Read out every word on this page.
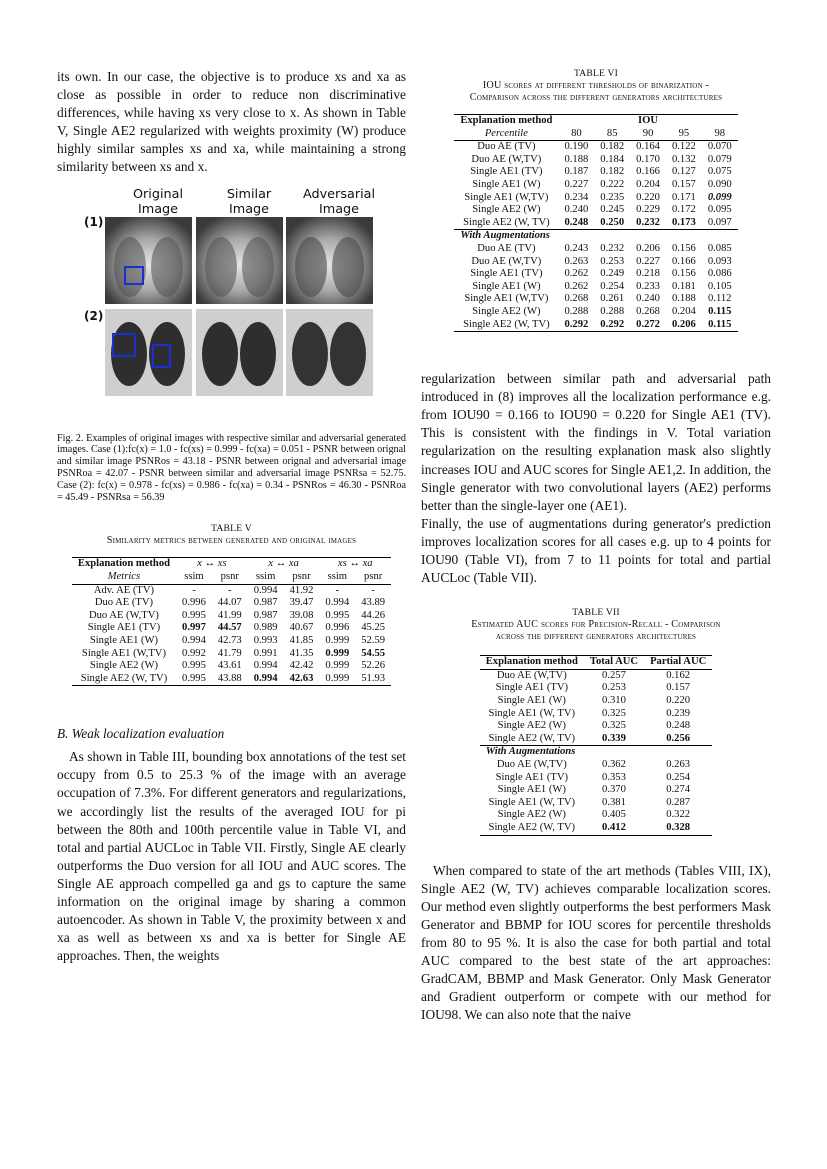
its own. In our case, the objective is to produce xs and xa as close as possible in order to reduce non discriminative differences, while having xs very close to x. As shown in Table V, Single AE2 regularized with weights proximity (W) produce highly similar samples xs and xa, while maintaining a strong similarity between xs and x.

Original Image
Similar Image
Adversarial Image
(1)
(2)
Fig. 2. Examples of original images with respective similar and adversarial generated images. Case (1):fc(x) = 1.0 - fc(xs) = 0.999 - fc(xa) = 0.051 - PSNR between orignal and similar image PSNRos = 43.18 - PSNR between orignal and adversarial image PSNRoa = 42.07 - PSNR between similar and adversarial image PSNRsa = 52.75. Case (2): fc(x) = 0.978 - fc(xs) = 0.986 - fc(xa) = 0.34 - PSNRos = 46.30 - PSNRoa = 45.49 - PSNRsa = 56.39
TABLE V
Similarity metrics between generated and original images
Explanation method	x ↔ xs		x ↔ xa		xs ↔ xa	
Metrics	ssim	psnr	ssim	psnr	ssim	psnr
Adv. AE (TV)	-	-	0.994	41.92	-	-
Duo AE (TV)	0.996	44.07	0.987	39.47	0.994	43.89
Duo AE (W,TV)	0.995	41.99	0.987	39.08	0.995	44.26
Single AE1 (TV)	0.997	44.57	0.989	40.67	0.996	45.25
Single AE1 (W)	0.994	42.73	0.993	41.85	0.999	52.59
Single AE1 (W,TV)	0.992	41.79	0.991	41.35	0.999	54.55
Single AE2 (W)	0.995	43.61	0.994	42.42	0.999	52.26
Single AE2 (W, TV)	0.995	43.88	0.994	42.63	0.999	51.93

B. Weak localization evaluation

As shown in Table III, bounding box annotations of the test set occupy from 0.5 to 25.3 % of the image with an average occupation of 7.3%. For different generators and regularizations, we accordingly list the results of the averaged IOU for pi between the 80th and 100th percentile value in Table VI, and total and partial AUCLoc in Table VII. Firstly, Single AE clearly outperforms the Duo version for all IOU and AUC scores. The Single AE approach compelled ga and gs to capture the same information on the original image by sharing a common autoencoder. As shown in Table V, the proximity between x and xa as well as between xs and xa is better for Single AE approaches. Then, the weights

TABLE VI
IOU scores at different thresholds of binarization -
Comparison across the different generators architectures
Explanation method	IOU				
Percentile	80	85	90	95	98
Duo AE (TV)	0.190	0.182	0.164	0.122	0.070
Duo AE (W,TV)	0.188	0.184	0.170	0.132	0.079
Single AE1 (TV)	0.187	0.182	0.166	0.127	0.075
Single AE1 (W)	0.227	0.222	0.204	0.157	0.090
Single AE1 (W,TV)	0.234	0.235	0.220	0.171	0.099
Single AE2 (W)	0.240	0.245	0.229	0.172	0.095
Single AE2 (W, TV)	0.248	0.250	0.232	0.173	0.097
With Augmentations					
Duo AE (TV)	0.243	0.232	0.206	0.156	0.085
Duo AE (W,TV)	0.263	0.253	0.227	0.166	0.093
Single AE1 (TV)	0.262	0.249	0.218	0.156	0.086
Single AE1 (W)	0.262	0.254	0.233	0.181	0.105
Single AE1 (W,TV)	0.268	0.261	0.240	0.188	0.112
Single AE2 (W)	0.288	0.288	0.268	0.204	0.115
Single AE2 (W, TV)	0.292	0.292	0.272	0.206	0.115

regularization between similar path and adversarial path introduced in (8) improves all the localization performance e.g. from IOU90 = 0.166 to IOU90 = 0.220 for Single AE1 (TV). This is consistent with the findings in V. Total variation regularization on the resulting explanation mask also slightly increases IOU and AUC scores for Single AE1,2. In addition, the Single generator with two convolutional layers (AE2) performs better than the single-layer one (AE1).

Finally, the use of augmentations during generator's prediction improves localization scores for all cases e.g. up to 4 points for IOU90 (Table VI), from 7 to 11 points for total and partial AUCLoc (Table VII).

TABLE VII
Estimated AUC scores for Precision-Recall - Comparison
across the different generators architectures
Explanation method	Total AUC	Partial AUC
Duo AE (W,TV)	0.257	0.162
Single AE1 (TV)	0.253	0.157
Single AE1 (W)	0.310	0.220
Single AE1 (W, TV)	0.325	0.239
Single AE2 (W)	0.325	0.248
Single AE2 (W, TV)	0.339	0.256
With Augmentations		
Duo AE (W,TV)	0.362	0.263
Single AE1 (TV)	0.353	0.254
Single AE1 (W)	0.370	0.274
Single AE1 (W, TV)	0.381	0.287
Single AE2 (W)	0.405	0.322
Single AE2 (W, TV)	0.412	0.328

When compared to state of the art methods (Tables VIII, IX), Single AE2 (W, TV) achieves comparable localization scores. Our method even slightly outperforms the best performers Mask Generator and BBMP for IOU scores for percentile thresholds from 80 to 95 %. It is also the case for both partial and total AUC compared to the best state of the art approaches: GradCAM, BBMP and Mask Generator. Only Mask Generator and Gradient outperform or compete with our method for IOU98. We can also note that the naive
